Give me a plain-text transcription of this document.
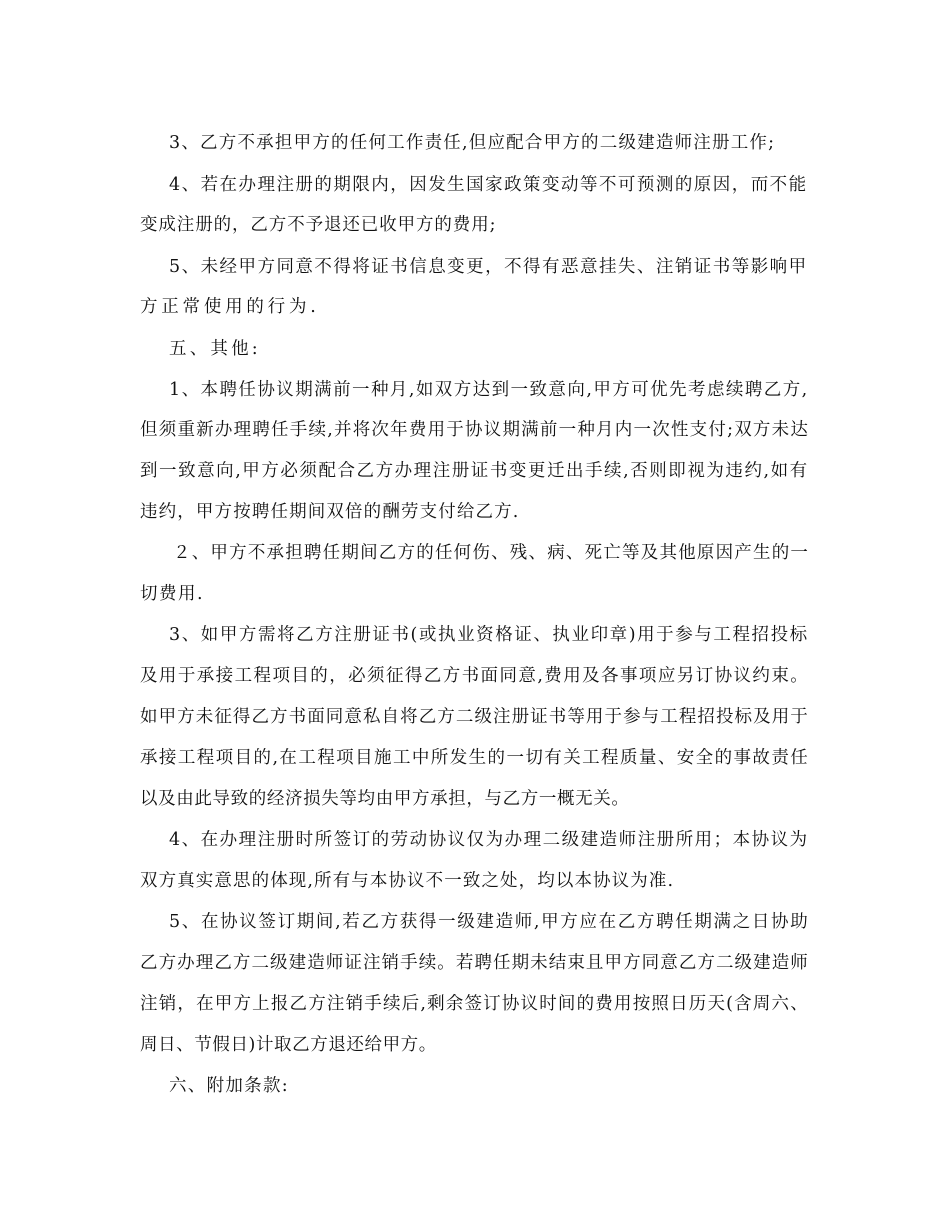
3、乙方不承担甲方的任何工作责任,但应配合甲方的二级建造师注册工作;
4、若在办理注册的期限内，因发生国家政策变动等不可预测的原因，而不能
变成注册的，乙方不予退还已收甲方的费用;
5、未经甲方同意不得将证书信息变更，不得有恶意挂失、注销证书等影响甲
方正常使用的行为.
五、其他:
1、本聘任协议期满前一种月,如双方达到一致意向,甲方可优先考虑续聘乙方,
但须重新办理聘任手续,并将次年费用于协议期满前一种月内一次性支付;双方未达
到一致意向,甲方必须配合乙方办理注册证书变更迁出手续,否则即视为违约,如有
违约，甲方按聘任期间双倍的酬劳支付给乙方.
２、甲方不承担聘任期间乙方的任何伤、残、病、死亡等及其他原因产生的一
切费用.
3、如甲方需将乙方注册证书(或执业资格证、执业印章)用于参与工程招投标
及用于承接工程项目的，必须征得乙方书面同意,费用及各事项应另订协议约束。
如甲方未征得乙方书面同意私自将乙方二级注册证书等用于参与工程招投标及用于
承接工程项目的,在工程项目施工中所发生的一切有关工程质量、安全的事故责任
以及由此导致的经济损失等均由甲方承担，与乙方一概无关。
4、在办理注册时所签订的劳动协议仅为办理二级建造师注册所用；本协议为
双方真实意思的体现,所有与本协议不一致之处，均以本协议为准.
5、在协议签订期间,若乙方获得一级建造师,甲方应在乙方聘任期满之日协助
乙方办理乙方二级建造师证注销手续。若聘任期未结束且甲方同意乙方二级建造师
注销，在甲方上报乙方注销手续后,剩余签订协议时间的费用按照日历天(含周六、
周日、节假日)计取乙方退还给甲方。
六、附加条款:
